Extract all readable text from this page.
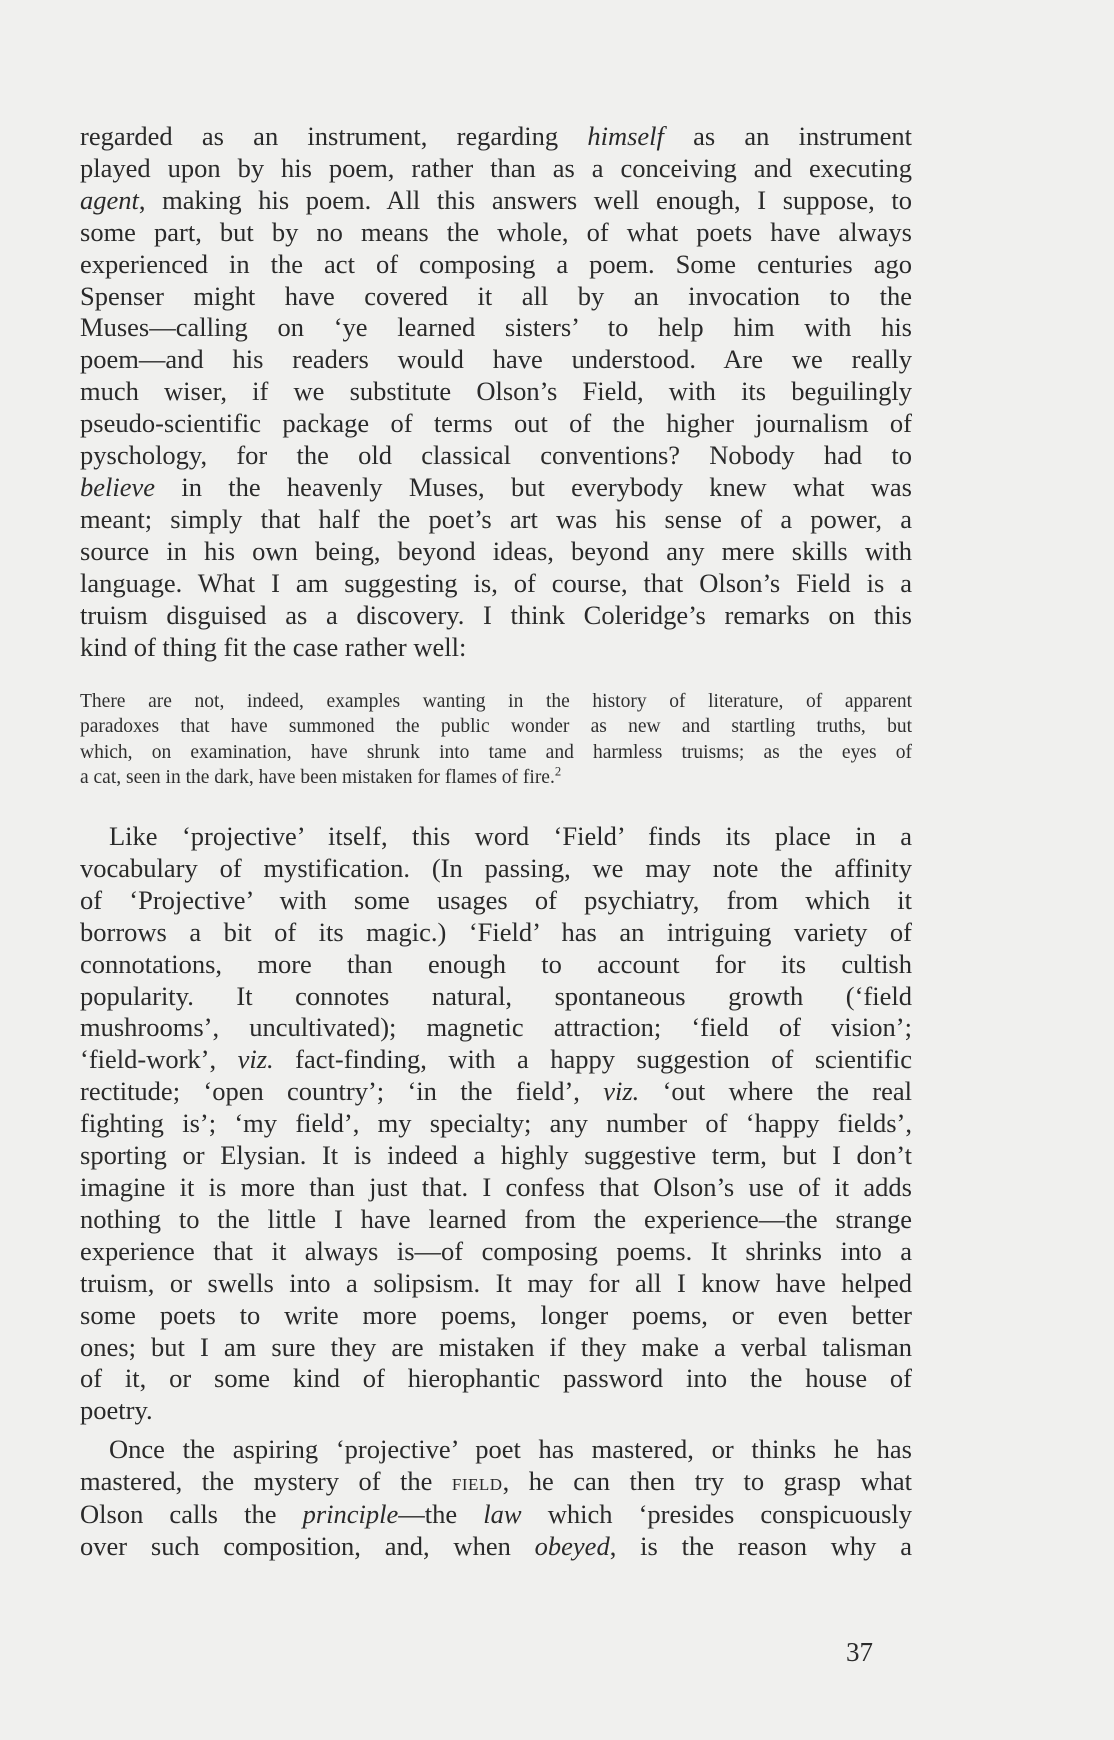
regarded as an instrument, regarding himself as an instrument
played upon by his poem, rather than as a conceiving and executing
agent, making his poem. All this answers well enough, I suppose, to
some part, but by no means the whole, of what poets have always
experienced in the act of composing a poem. Some centuries ago
Spenser might have covered it all by an invocation to the
Muses—calling on ‘ye learned sisters’ to help him with his
poem—and his readers would have understood. Are we really
much wiser, if we substitute Olson’s Field, with its beguilingly
pseudo-scientific package of terms out of the higher journalism of
pyschology, for the old classical conventions? Nobody had to
believe in the heavenly Muses, but everybody knew what was
meant; simply that half the poet’s art was his sense of a power, a
source in his own being, beyond ideas, beyond any mere skills with
language. What I am suggesting is, of course, that Olson’s Field is a
truism disguised as a discovery. I think Coleridge’s remarks on this
kind of thing fit the case rather well:
There are not, indeed, examples wanting in the history of literature, of apparent
paradoxes that have summoned the public wonder as new and startling truths, but
which, on examination, have shrunk into tame and harmless truisms; as the eyes of
a cat, seen in the dark, have been mistaken for flames of fire.$^2$
Like ‘projective’ itself, this word ‘Field’ finds its place in a
vocabulary of mystification. (In passing, we may note the affinity
of ‘Projective’ with some usages of psychiatry, from which it
borrows a bit of its magic.) ‘Field’ has an intriguing variety of
connotations, more than enough to account for its cultish
popularity. It connotes natural, spontaneous growth (‘field
mushrooms’, uncultivated); magnetic attraction; ‘field of vision’;
‘field-work’, viz. fact-finding, with a happy suggestion of scientific
rectitude; ‘open country’; ‘in the field’, viz. ‘out where the real
fighting is’; ‘my field’, my specialty; any number of ‘happy fields’,
sporting or Elysian. It is indeed a highly suggestive term, but I don’t
imagine it is more than just that. I confess that Olson’s use of it adds
nothing to the little I have learned from the experience—the strange
experience that it always is—of composing poems. It shrinks into a
truism, or swells into a solipsism. It may for all I know have helped
some poets to write more poems, longer poems, or even better
ones; but I am sure they are mistaken if they make a verbal talisman
of it, or some kind of hierophantic password into the house of
poetry.
Once the aspiring ‘projective’ poet has mastered, or thinks he has
mastered, the mystery of the field, he can then try to grasp what
Olson calls the principle—the law which ‘presides conspicuously
over such composition, and, when obeyed, is the reason why a
37
